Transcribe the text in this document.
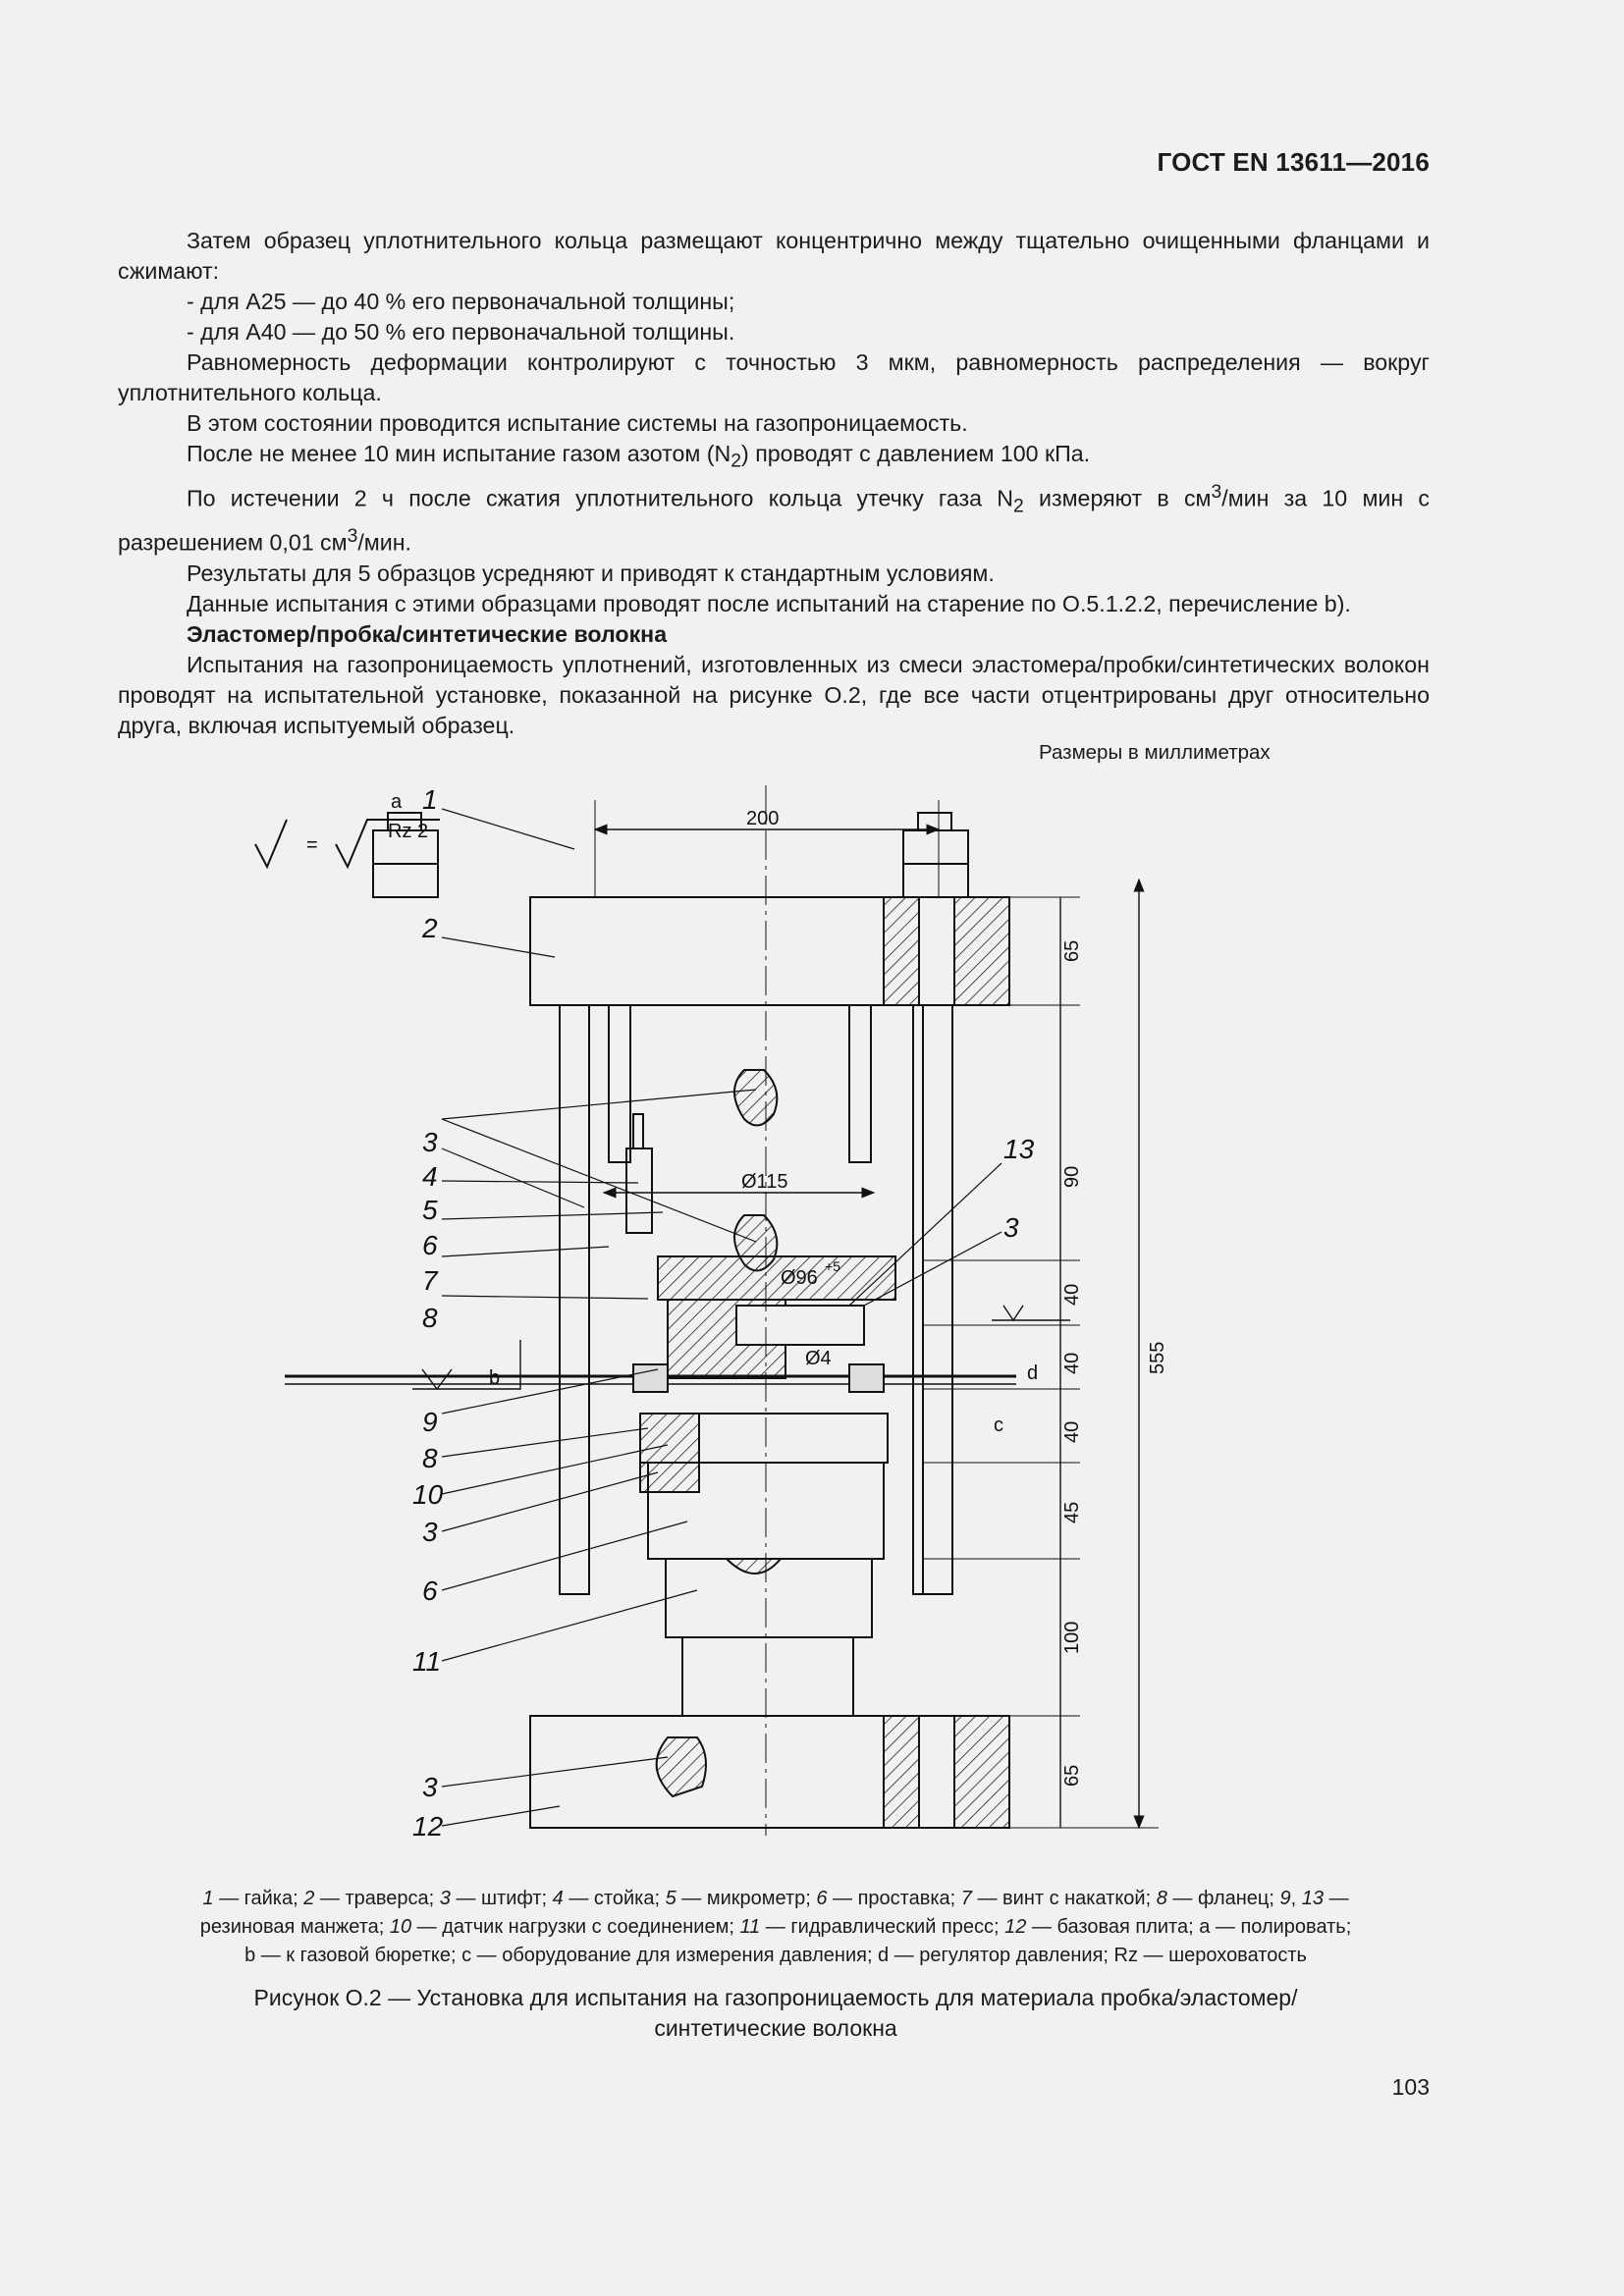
ГОСТ EN 13611—2016

Затем образец уплотнительного кольца размещают концентрично между тщательно очищенными фланцами и сжимают:

- для А25 — до 40 % его первоначальной толщины;

- для А40 — до 50 % его первоначальной толщины.

Равномерность деформации контролируют с точностью 3 мкм, равномерность распределения — вокруг уплотнительного кольца.

В этом состоянии проводится испытание системы на газопроницаемость.

После не менее 10 мин испытание газом азотом $(N_2)$ проводят с давлением 100 кПа.

По истечении 2 ч после сжатия уплотнительного кольца утечку газа $N_2$ измеряют в $см^3$/мин за 10 мин с разрешением 0,01 $см^3$/мин.

Результаты для 5 образцов усредняют и приводят к стандартным условиям.

Данные испытания с этими образцами проводят после испытаний на старение по О.5.1.2.2, перечисление b).

Эластомер/пробка/синтетические волокна

Испытания на газопроницаемость уплотнений, изготовленных из смеси эластомера/пробки/синтетических волокон проводят на испытательной установке, показанной на рисунке О.2, где все части отцентрированы друг относительно друга, включая испытуемый образец.

Размеры в миллиметрах
=
a
Rz 2
200
Ø115
Ø96
+5
Ø4
65
90
40
40
40
45
100
65
555
1
2
3
4
5
6
7
8
9
8
10
3
6
11
3
12
13
3
b
c
d
1 — гайка; 2 — траверса; 3 — штифт; 4 — стойка; 5 — микрометр; 6 — проставка; 7 — винт с накаткой; 8 — фланец; 9, 13 —
резиновая манжета; 10 — датчик нагрузки с соединением; 11 — гидравлический пресс; 12 — базовая плита; а — полировать;
b — к газовой бюретке; c — оборудование для измерения давления; d — регулятор давления; Rz — шероховатость
Рисунок О.2 — Установка для испытания на газопроницаемость для материала пробка/эластомер/
синтетические волокна
103
